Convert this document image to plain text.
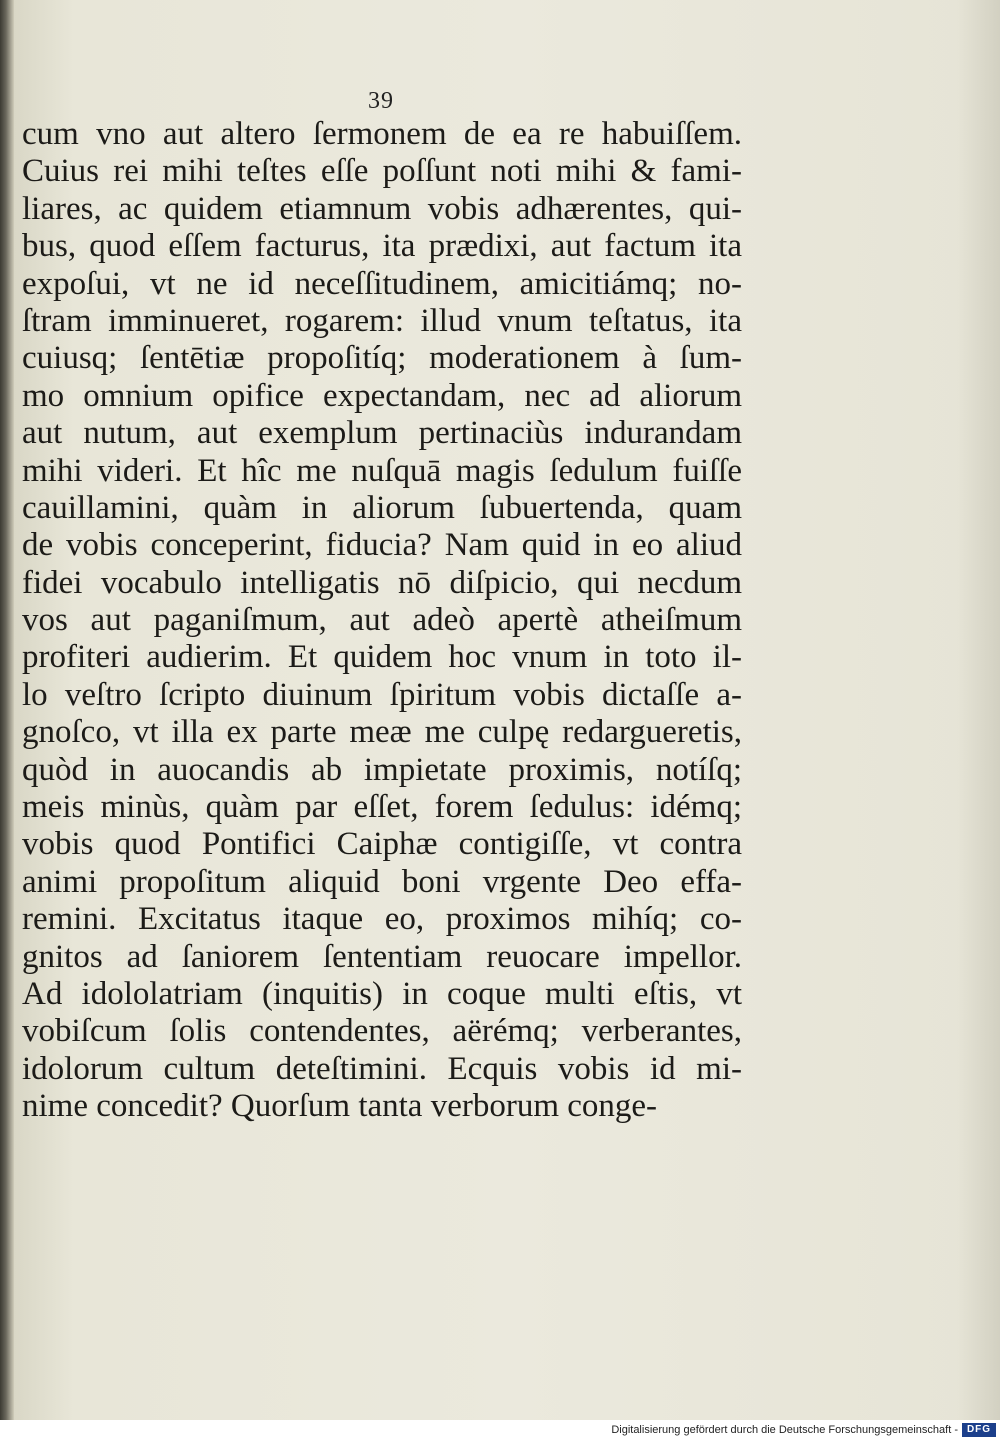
39
cum vno aut altero ſermonem de ea re habuiſſem.
Cuius rei mihi teſtes eſſe poſſunt noti mihi & fami-
liares, ac quidem etiamnum vobis adhærentes, qui-
bus, quod eſſem facturus, ita prædixi, aut factum ita
expoſui, vt ne id neceſſitudinem, amicitiámq; no-
ſtram imminueret, rogarem: illud vnum teſtatus, ita
cuiusq; ſentētiæ propoſitíq; moderationem à ſum-
mo omnium opifice expectandam, nec ad aliorum
aut nutum, aut exemplum pertinaciùs indurandam
mihi videri. Et hîc me nuſquā magis ſedulum fuiſſe
cauillamini, quàm in aliorum ſubuertenda, quam
de vobis conceperint, fiducia? Nam quid in eo aliud
fidei vocabulo intelligatis nō diſpicio, qui necdum
vos aut paganiſmum, aut adeò apertè atheiſmum
profiteri audierim. Et quidem hoc vnum in toto il-
lo veſtro ſcripto diuinum ſpiritum vobis dictaſſe a-
gnoſco, vt illa ex parte meæ me culpę redargueretis,
quòd in auocandis ab impietate proximis, notíſq;
meis minùs, quàm par eſſet, forem ſedulus: idémq;
vobis quod Pontifici Caiphæ contigiſſe, vt contra
animi propoſitum aliquid boni vrgente Deo effa-
remini. Excitatus itaque eo, proximos mihíq; co-
gnitos ad ſaniorem ſententiam reuocare impellor.
Ad idololatriam (inquitis) in coque multi eſtis, vt
vobiſcum ſolis contendentes, aërémq; verberantes,
idolorum cultum deteſtimini. Ecquis vobis id mi-
nime concedit? Quorſum tanta verborum conge-
Digitalisierung gefördert durch die Deutsche Forschungsgemeinschaft - DFG
